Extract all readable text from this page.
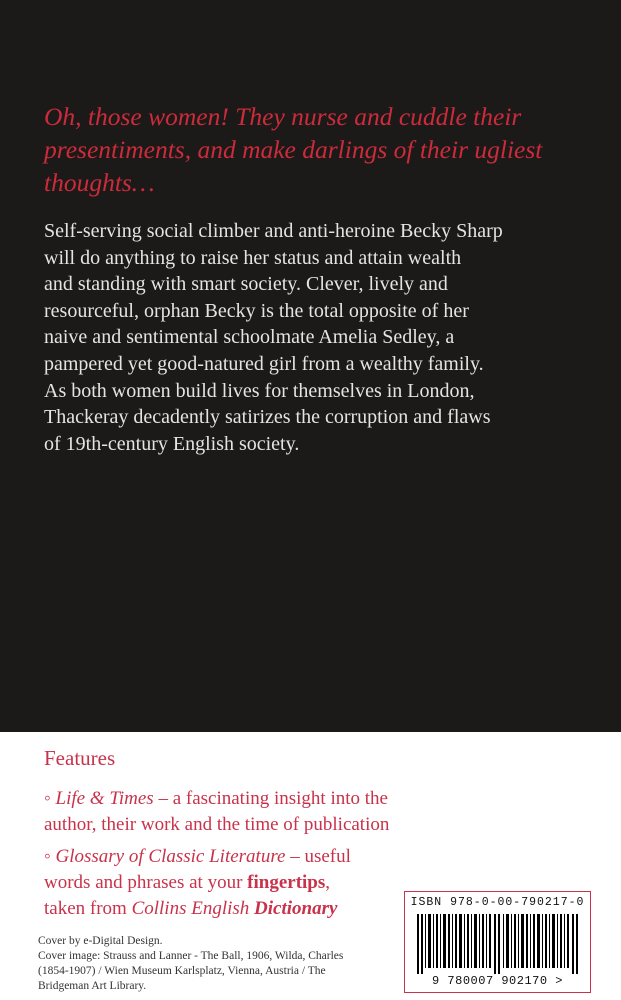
Oh, those women! They nurse and cuddle their
presentiments, and make darlings of their ugliest
thoughts…

Self-serving social climber and anti-heroine Becky Sharp
will do anything to raise her status and attain wealth
and standing with smart society. Clever, lively and
resourceful, orphan Becky is the total opposite of her
naive and sentimental schoolmate Amelia Sedley, a
pampered yet good-natured girl from a wealthy family.
As both women build lives for themselves in London,
Thackeray decadently satirizes the corruption and flaws
of 19th-century English society.

Features
◦ Life & Times – a fascinating insight into the
author, their work and the time of publication
◦ Glossary of Classic Literature – useful
words and phrases at your fingertips,
taken from Collins English Dictionary
Cover by e-Digital Design.
Cover image: Strauss and Lanner - The Ball, 1906, Wilda, Charles
(1854-1907) / Wien Museum Karlsplatz, Vienna, Austria / The
Bridgeman Art Library.
ISBN 978-0-00-790217-0
9 780007 902170 >
